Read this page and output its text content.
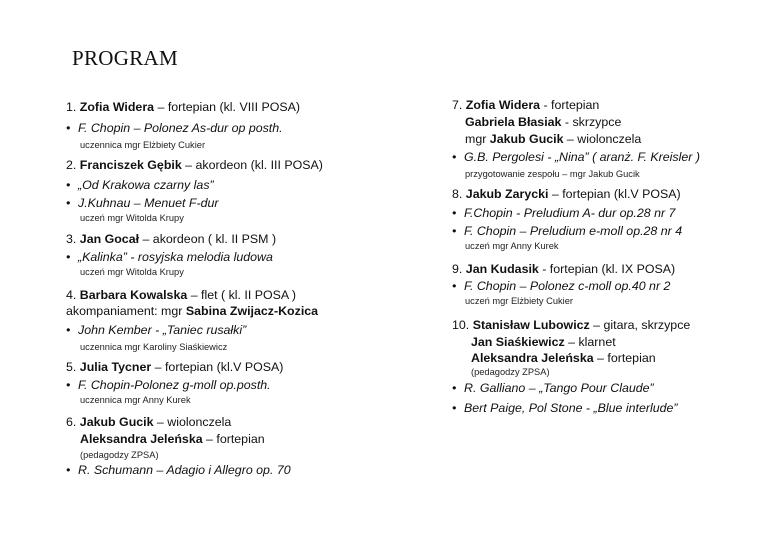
PROGRAM
1. Zofia Widera – fortepian (kl. VIII POSA)
• F. Chopin – Polonez As-dur op posth.
uczennica mgr Elżbiety Cukier
2. Franciszek Gębik – akordeon (kl. III POSA)
• „Od Krakowa czarny las”
• J.Kuhnau – Menuet F-dur
uczeń mgr Witolda Krupy
3. Jan Gocał – akordeon ( kl. II PSM )
• „Kalinka” - rosyjska melodia ludowa
uczeń mgr Witolda Krupy
4. Barbara Kowalska – flet ( kl. II POSA )
akompaniament: mgr Sabina Zwijacz-Kozica
• John Kember - „Taniec rusałki”
uczennica mgr Karoliny Siaśkiewicz
5. Julia Tycner – fortepian (kl.V POSA)
• F. Chopin-Polonez g-moll op.posth.
uczennica mgr Anny Kurek
6. Jakub Gucik – wiolonczela
Aleksandra Jeleńska – fortepian
(pedagodzy ZPSA)
• R. Schumann – Adagio i Allegro op. 70
7. Zofia Widera - fortepian
Gabriela Błasiak - skrzypce
mgr Jakub Gucik – wiolonczela
• G.B. Pergolesi - „Nina” ( aranż. F. Kreisler )
przygotowanie zespołu – mgr Jakub Gucik
8. Jakub Zarycki – fortepian (kl.V POSA)
• F.Chopin - Preludium A- dur op.28 nr 7
• F. Chopin – Preludium e-moll op.28 nr 4
uczeń mgr Anny Kurek
9. Jan Kudasik - fortepian (kl. IX POSA)
• F. Chopin – Polonez c-moll op.40 nr 2
uczeń mgr Elżbiety Cukier
10. Stanisław Lubowicz – gitara, skrzypce
Jan Siaśkiewicz – klarnet
Aleksandra Jeleńska – fortepian
(pedagodzy ZPSA)
• R. Galliano – „Tango Pour Claude”
• Bert Paige, Pol Stone - „Blue interlude”
